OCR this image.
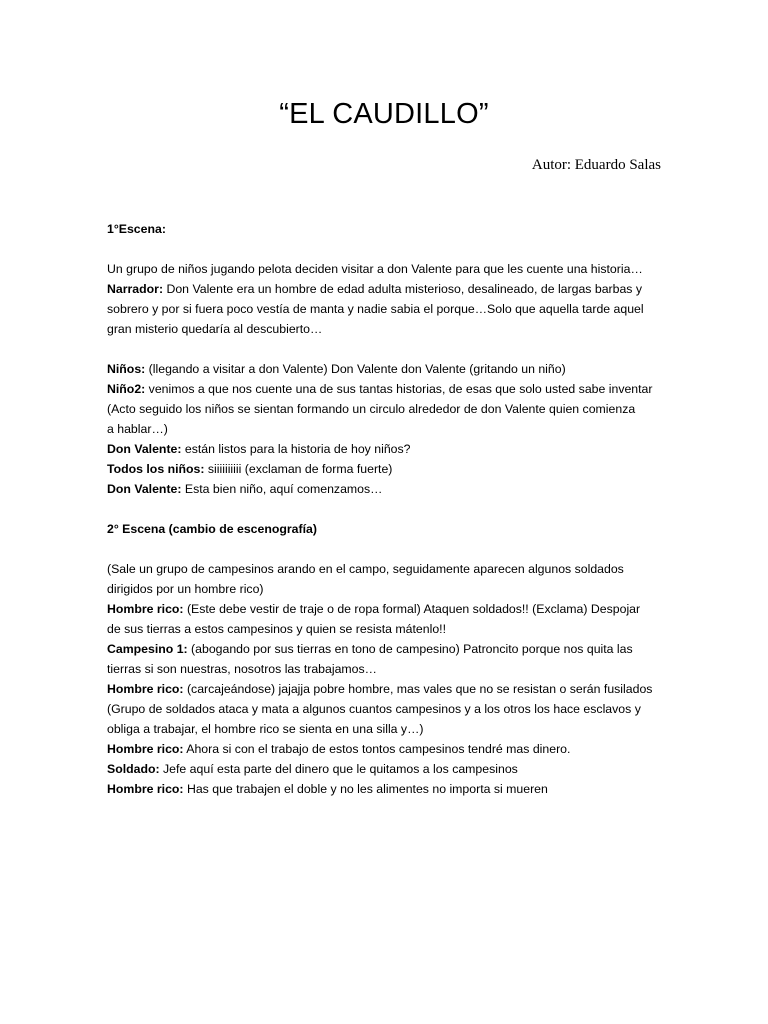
“EL CAUDILLO”
Autor: Eduardo Salas
1°Escena:
Un grupo de niños jugando pelota deciden visitar a don Valente para que les cuente una historia…
Narrador: Don Valente era un hombre de edad adulta misterioso, desalineado, de largas barbas y
sobrero y por si fuera poco vestía de manta y nadie sabia el porque…Solo que aquella tarde aquel
gran misterio quedaría al descubierto…
Niños: (llegando a visitar a don Valente) Don Valente don Valente (gritando un niño)
Niño2: venimos a que nos cuente una de sus tantas historias, de esas que solo usted sabe inventar
(Acto seguido los niños se sientan formando un circulo alrededor de don Valente quien comienza
a hablar…)
Don Valente: están listos para la historia de hoy niños?
Todos los niños: siiiiiiiiii (exclaman de forma fuerte)
Don Valente: Esta bien niño, aquí comenzamos…
2° Escena (cambio de escenografía)
(Sale un grupo de campesinos arando en el campo, seguidamente aparecen algunos soldados
dirigidos por un hombre rico)
Hombre rico: (Este debe vestir de traje o de ropa formal) Ataquen soldados!! (Exclama) Despojar
de sus tierras a estos campesinos y quien se resista mátenlo!!
Campesino 1: (abogando por sus tierras en tono de campesino) Patroncito porque nos quita las
tierras si son nuestras, nosotros las trabajamos…
Hombre rico: (carcajeándose) jajajja pobre hombre, mas vales que no se resistan o serán fusilados
(Grupo de soldados ataca y mata a algunos cuantos campesinos y a los otros los hace esclavos y
obliga a trabajar, el hombre rico se sienta en una silla y…)
Hombre rico: Ahora si con el trabajo de estos tontos campesinos tendré mas dinero.
Soldado: Jefe aquí esta parte del dinero que le quitamos a los campesinos
Hombre rico: Has que trabajen el doble y no les alimentes no importa si mueren
